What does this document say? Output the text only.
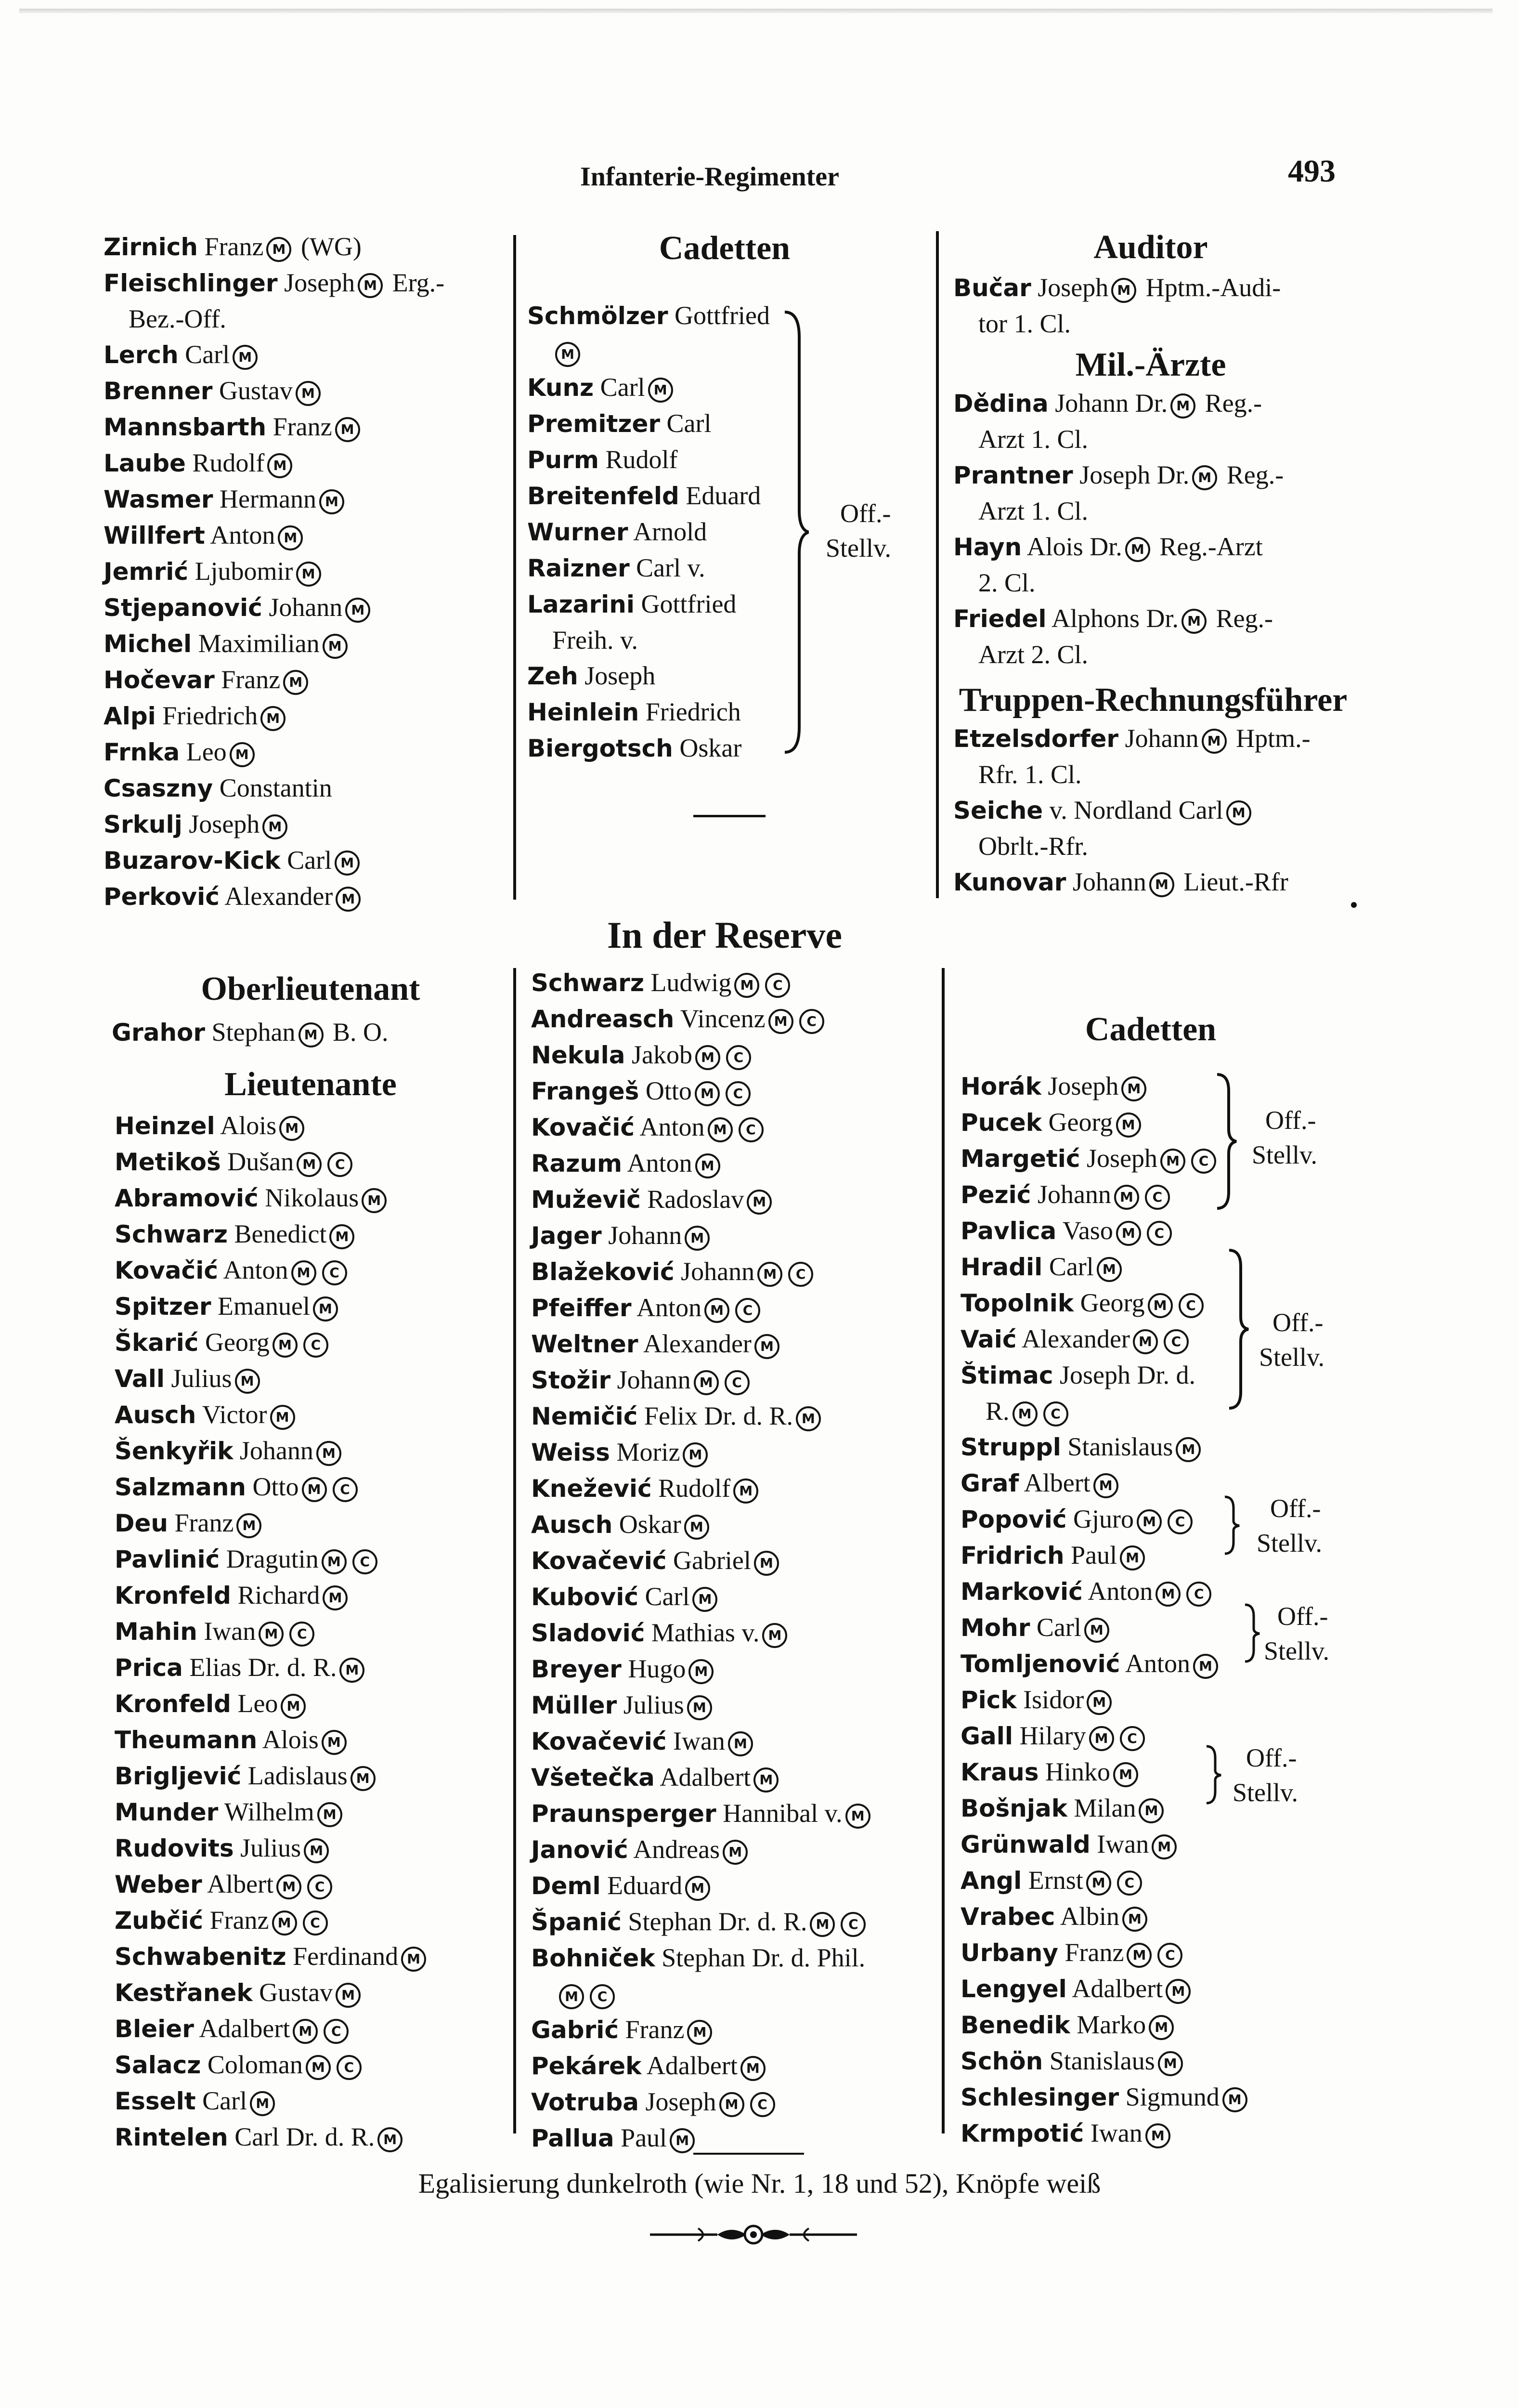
Infanterie-Regimenter	493
Zirnich Franz M (WG)
Fleischlinger Joseph M Erg.-
Bez.-Off.
Lerch Carl M
Brenner Gustav M
Mannsbarth Franz M
Laube Rudolf M
Wasmer Hermann M
Willfert Anton M
Jemrić Ljubomir M
Stjepanović Johann M
Michel Maximilian M
Hočevar Franz M
Alpi Friedrich M
Frnka Leo M
Csaszny Constantin
Srkulj Joseph M
Buzarov-Kick Carl M
Perković Alexander M
Oberlieutenant
Grahor Stephan M B. O.
Lieutenante
Heinzel Alois M
Metikoš Dušan M C
Abramović Nikolaus M
Schwarz Benedict M
Kovačić Anton M C
Spitzer Emanuel M
Škarić Georg M C
Vall Julius M
Ausch Victor M
Šenkyřik Johann M
Salzmann Otto M C
Deu Franz M
Pavlinić Dragutin M C
Kronfeld Richard M
Mahin Iwan M C
Prica Elias Dr. d. R. M
Kronfeld Leo M
Theumann Alois M
Brigljević Ladislaus M
Munder Wilhelm M
Rudovits Julius M
Weber Albert M C
Zubčić Franz M C
Schwabenitz Ferdinand M
Kestřanek Gustav M
Bleier Adalbert M C
Salacz Coloman M C
Esselt Carl M
Rintelen Carl Dr. d. R. M
Cadetten
Schmölzer Gottfried
M
Kunz Carl M
Premitzer Carl
Purm Rudolf
Breitenfeld Eduard
Wurner Arnold
Raizner Carl v.
Lazarini Gottfried
Freih. v.
Zeh Joseph
Heinlein Friedrich
Biergotsch Oskar
Off.-
Stellv.
In der Reserve
Schwarz Ludwig M C
Andreasch Vincenz M C
Nekula Jakob M C
Frangeš Otto M C
Kovačić Anton M C
Razum Anton M
Muževič Radoslav M
Jager Johann M
Blažeković Johann M C
Pfeiffer Anton M C
Weltner Alexander M
Stožir Johann M C
Nemičić Felix Dr. d. R. M
Weiss Moriz M
Knežević Rudolf M
Ausch Oskar M
Kovačević Gabriel M
Kubović Carl M
Sladović Mathias v. M
Breyer Hugo M
Müller Julius M
Kovačević Iwan M
Všetečka Adalbert M
Praunsperger Hannibal v. M
Janović Andreas M
Deml Eduard M
Španić Stephan Dr. d. R. M C
Bohniček Stephan Dr. d. Phil.
M C
Gabrić Franz M
Pekárek Adalbert M
Votruba Joseph M C
Pallua Paul M
Auditor
Bučar Joseph M Hptm.-Audi-
tor 1. Cl.
Mil.-Ärzte
Dědina Johann Dr. M Reg.-
Arzt 1. Cl.
Prantner Joseph Dr. M Reg.-
Arzt 1. Cl.
Hayn Alois Dr. M Reg.-Arzt
2. Cl.
Friedel Alphons Dr. M Reg.-
Arzt 2. Cl.
Truppen-Rechnungsführer
Etzelsdorfer Johann M Hptm.-
Rfr. 1. Cl.
Seiche v. Nordland Carl M
Obrlt.-Rfr.
Kunovar Johann M Lieut.-Rfr
Cadetten
Horák Joseph M
Pucek Georg M
Margetić Joseph M C
Pezić Johann M C
Pavlica Vaso M C
Hradil Carl M
Topolnik Georg M C
Vaić Alexander M C
Štimac Joseph Dr. d.
R. M C
Struppl Stanislaus M
Graf Albert M
Popović Gjuro M C
Fridrich Paul M
Marković Anton M C
Mohr Carl M
Tomljenović Anton M
Pick Isidor M
Gall Hilary M C
Kraus Hinko M
Bošnjak Milan M
Grünwald Iwan M
Angl Ernst M C
Vrabec Albin M
Urbany Franz M C
Lengyel Adalbert M
Benedik Marko M
Schön Stanislaus M
Schlesinger Sigmund M
Krmpotić Iwan M
Off.-
Stellv.
Off.-
Stellv.
Off.-
Stellv.
Off.-
Stellv.
Off.-
Stellv.
Egalisierung dunkelroth (wie Nr. 1, 18 und 52), Knöpfe weiß
